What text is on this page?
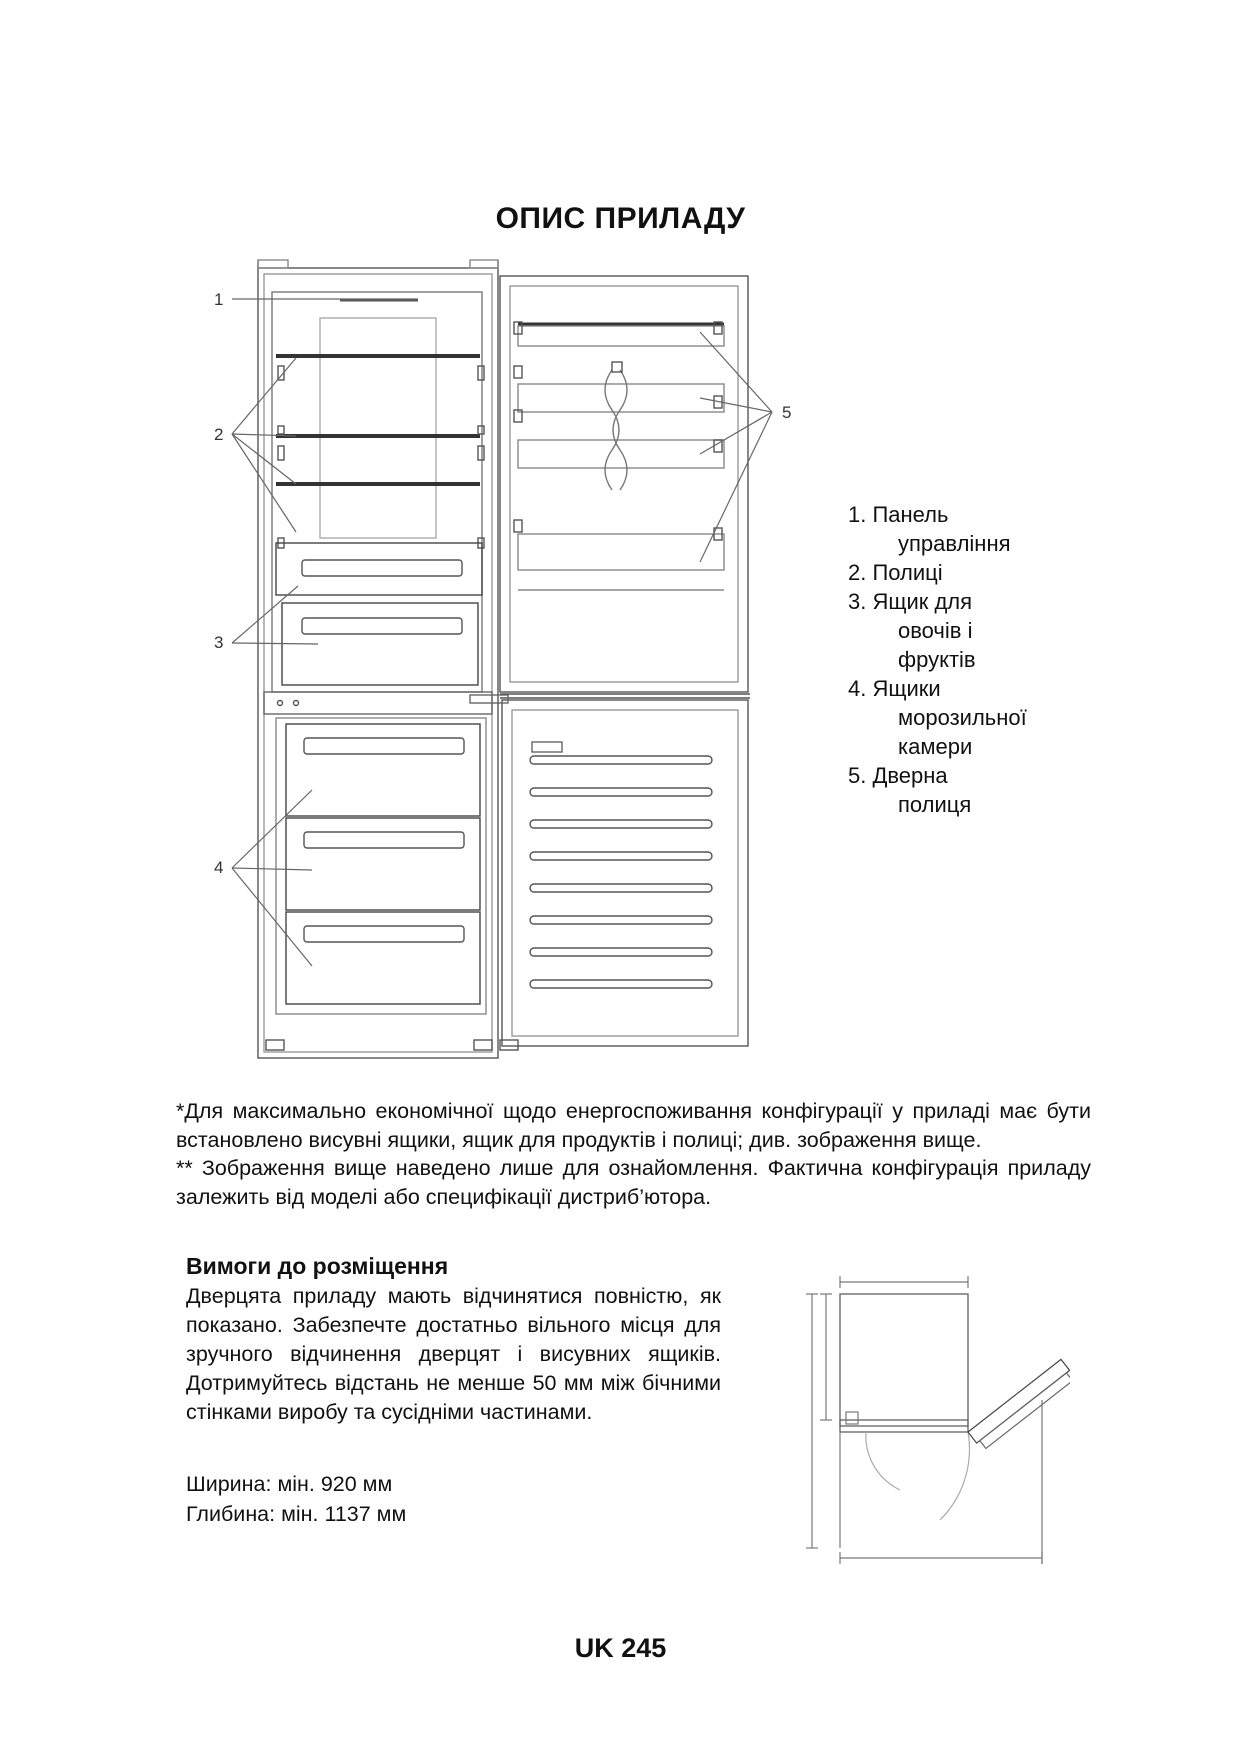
ОПИС ПРИЛАДУ
1
2
3
4
5
1. Панель
управління
2. Полиці
3. Ящик для
овочів і
фруктів
4. Ящики
морозильної
камери
5. Дверна
полиця

*Для максимально економічної щодо енергоспоживання конфігурації у приладі має бути встановлено висувні ящики, ящик для продуктів і полиці; див. зображення вище.

** Зображення вище наведено лише для ознайомлення. Фактична конфігурація приладу залежить від моделі або специфікації дистриб’ютора.

Вимоги до розміщення
Дверцята приладу мають відчинятися повністю, як показано. Забезпечте достатньо вільного місця для зручного відчинення дверцят і висувних ящиків. Дотримуйтесь відстань не менше 50 мм між бічними стінками виробу та сусідніми частинами.
Ширина: мін. 920 мм
Глибина: мін. 1137 мм
UK 245
